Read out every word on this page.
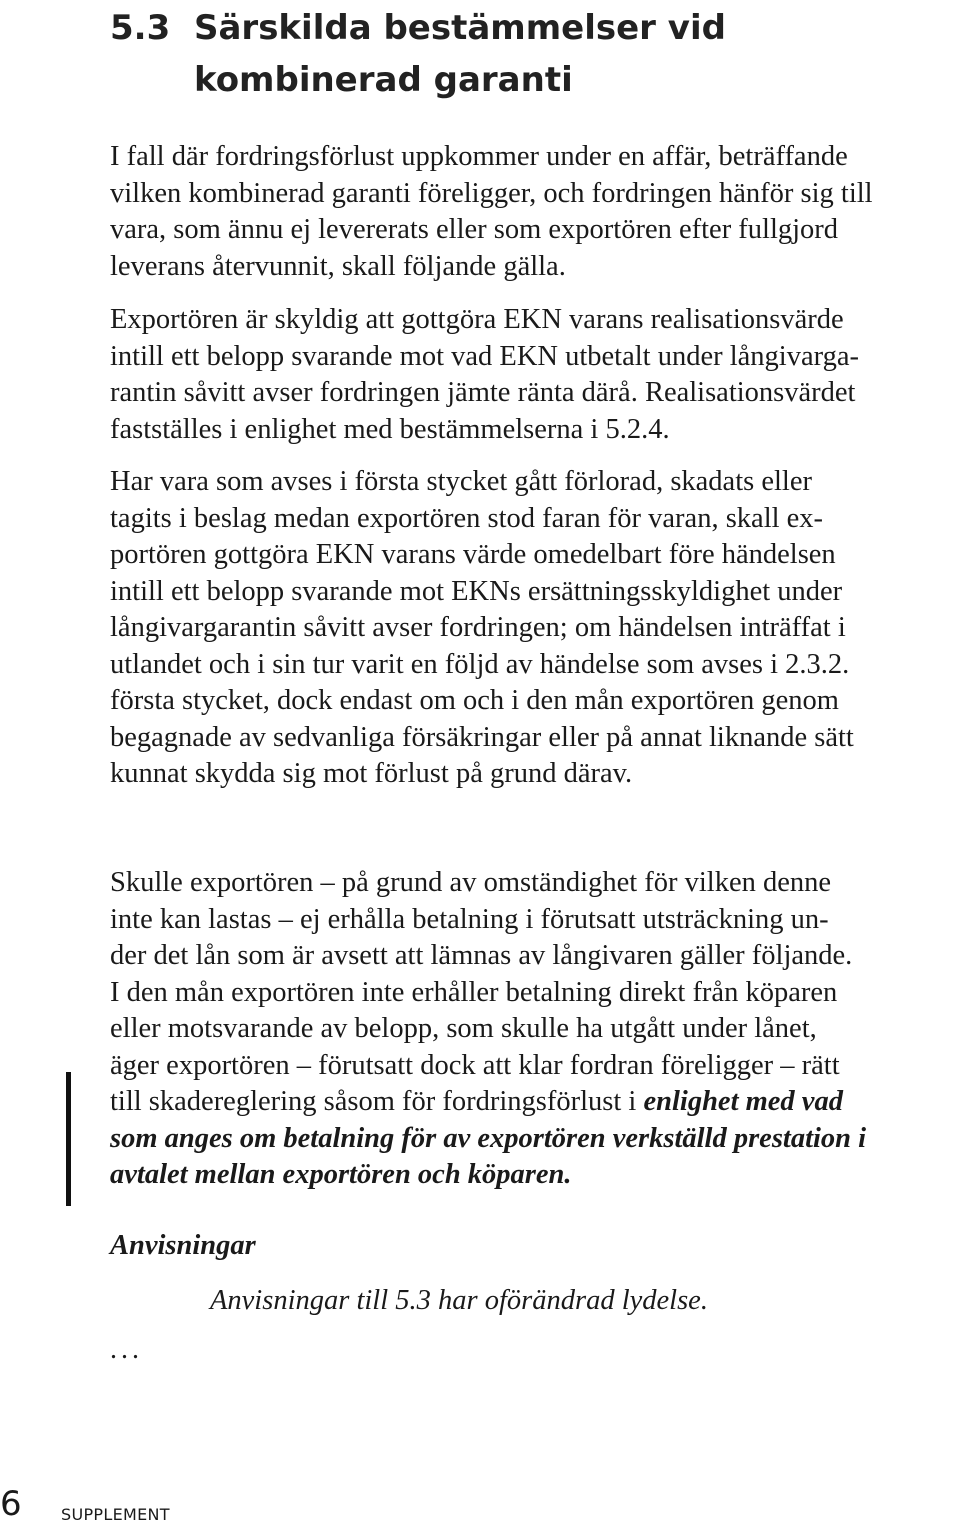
5.3 Särskilda bestämmelser vid
kombinerad garanti
I fall där fordringsförlust uppkommer under en affär, beträffande
vilken kombinerad garanti föreligger, och fordringen hänför sig till
vara, som ännu ej levererats eller som exportören efter fullgjord
leverans återvunnit, skall följande gälla.
Exportören är skyldig att gottgöra EKN varans realisationsvärde
intill ett belopp svarande mot vad EKN utbetalt under långivarga-
rantin såvitt avser fordringen jämte ränta därå. Realisationsvärdet
fastställes i enlighet med bestämmelserna i 5.2.4.
Har vara som avses i första stycket gått förlorad, skadats eller
tagits i beslag medan exportören stod faran för varan, skall ex-
portören gottgöra EKN varans värde omedelbart före händelsen
intill ett belopp svarande mot EKNs ersättningsskyldighet under
långivargarantin såvitt avser fordringen; om händelsen inträffat i
utlandet och i sin tur varit en följd av händelse som avses i 2.3.2.
första stycket, dock endast om och i den mån exportören genom
begagnade av sedvanliga försäkringar eller på annat liknande sätt
kunnat skydda sig mot förlust på grund därav.
Skulle exportören – på grund av omständighet för vilken denne
inte kan lastas – ej erhålla betalning i förutsatt utsträckning un-
der det lån som är avsett att lämnas av långivaren gäller följande.
I den mån exportören inte erhåller betalning direkt från köparen
eller motsvarande av belopp, som skulle ha utgått under lånet,
äger exportören – förutsatt dock att klar fordran föreligger – rätt
till skadereglering såsom för fordringsförlust i enlighet med vad
som anges om betalning för av exportören verkställd prestation i
avtalet mellan exportören och köparen.
Anvisningar
Anvisningar till 5.3 har oförändrad lydelse.
...
6 SUPPLEMENT
